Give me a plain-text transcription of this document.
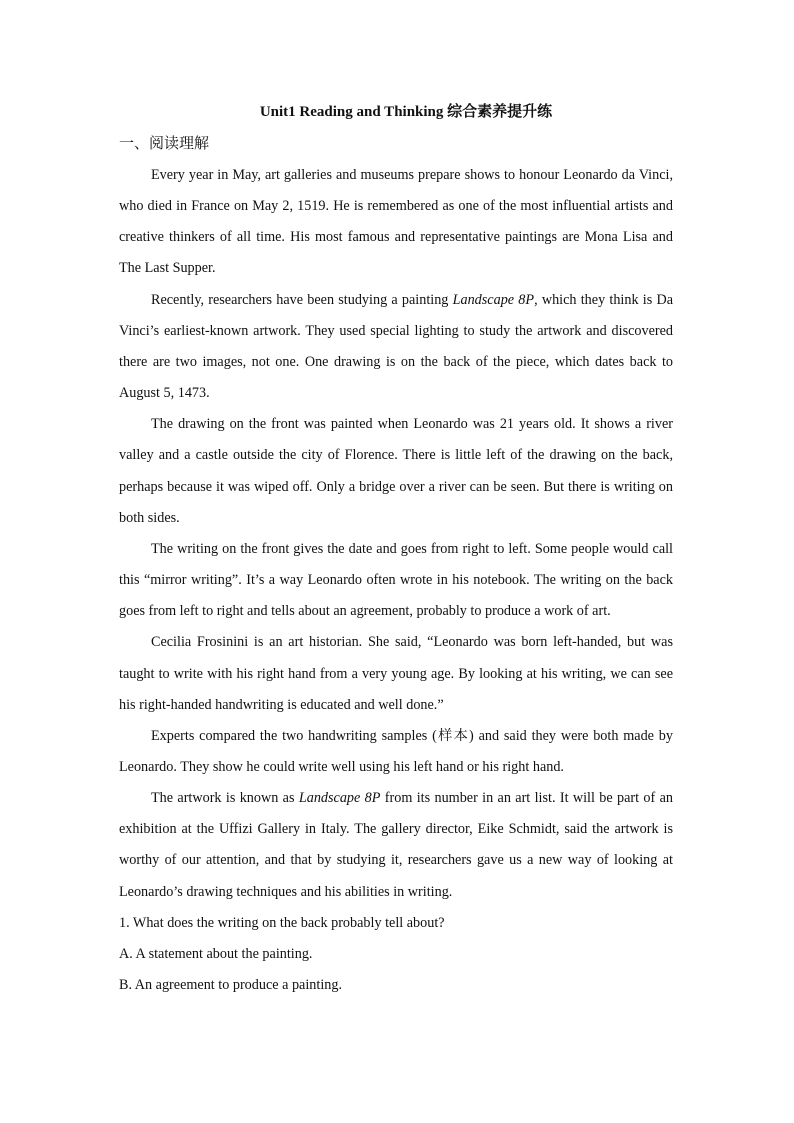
Unit1 Reading and Thinking 综合素养提升练
一、阅读理解

Every year in May, art galleries and museums prepare shows to honour Leonardo da Vinci, who died in France on May 2, 1519. He is remembered as one of the most influential artists and creative thinkers of all time. His most famous and representative paintings are Mona Lisa and The Last Supper.

Recently, researchers have been studying a painting Landscape 8P, which they think is Da Vinci’s earliest-known artwork. They used special lighting to study the artwork and discovered there are two images, not one. One drawing is on the back of the piece, which dates back to August 5, 1473.

The drawing on the front was painted when Leonardo was 21 years old. It shows a river valley and a castle outside the city of Florence. There is little left of the drawing on the back, perhaps because it was wiped off. Only a bridge over a river can be seen. But there is writing on both sides.

The writing on the front gives the date and goes from right to left. Some people would call this “mirror writing”. It’s a way Leonardo often wrote in his notebook. The writing on the back goes from left to right and tells about an agreement, probably to produce a work of art.

Cecilia Frosinini is an art historian. She said, “Leonardo was born left-handed, but was taught to write with his right hand from a very young age. By looking at his writing, we can see his right-handed handwriting is educated and well done.”

Experts compared the two handwriting samples (样本) and said they were both made by Leonardo. They show he could write well using his left hand or his right hand.

The artwork is known as Landscape 8P from its number in an art list. It will be part of an exhibition at the Uffizi Gallery in Italy. The gallery director, Eike Schmidt, said the artwork is worthy of our attention, and that by studying it, researchers gave us a new way of looking at Leonardo’s drawing techniques and his abilities in writing.

1. What does the writing on the back probably tell about?

A. A statement about the painting.

B. An agreement to produce a painting.
